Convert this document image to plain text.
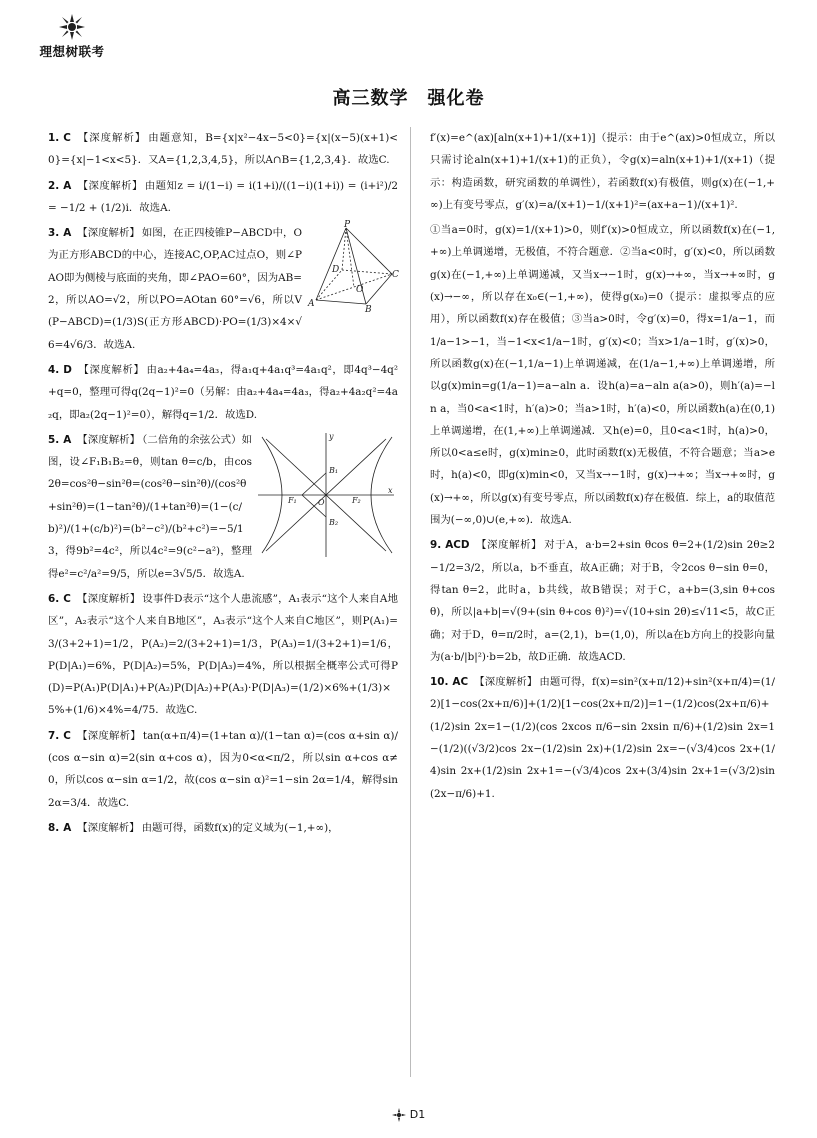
理想树联考
高三数学　强化卷

1. C 【深度解析】 由题意知，B={x|x²−4x−5<0}={x|(x−5)(x+1)<0}={x|−1<x<5}．又A={1,2,3,4,5}，所以A∩B={1,2,3,4}．故选C.

2. A 【深度解析】 由题知z = i/(1−i) = i(1+i)/((1−i)(1+i)) = (i+i²)/2 = −1/2 + (1/2)i．故选A.

P
A
B
C
D
O
3. A 【深度解析】 如图，在正四棱锥P−ABCD中，O为正方形ABCD的中心，连接AC,OP,AC过点O，则∠PAO即为侧棱与底面的夹角，即∠PAO=60°，因为AB=2，所以AO=√2，所以PO=AOtan 60°=√6，所以V(P−ABCD)=(1/3)S(正方形ABCD)·PO=(1/3)×4×√6=4√6/3．故选A.

4. D 【深度解析】 由a₂+4a₄=4a₃，得a₁q+4a₁q³=4a₁q²，即4q³−4q²+q=0，整理可得q(2q−1)²=0（另解：由a₂+4a₄=4a₃，得a₂+4a₂q²=4a₂q，即a₂(2q−1)²=0），解得q=1/2．故选D.

y
x
O
F₁	F₂
B₁
B₂
5. A 【深度解析】 （二倍角的余弦公式）如图，设∠F₁B₁B₂=θ，则tan θ=c/b，由cos 2θ=cos²θ−sin²θ=(cos²θ−sin²θ)/(cos²θ+sin²θ)=(1−tan²θ)/(1+tan²θ)=(1−(c/b)²)/(1+(c/b)²)=(b²−c²)/(b²+c²)=−5/13，得9b²=4c²，所以4c²=9(c²−a²)，整理得e²=c²/a²=9/5，所以e=3√5/5．故选A.

6. C 【深度解析】 设事件D表示“这个人患流感”，A₁表示“这个人来自A地区”，A₂表示“这个人来自B地区”，A₃表示“这个人来自C地区”，则P(A₁)=3/(3+2+1)=1/2，P(A₂)=2/(3+2+1)=1/3，P(A₃)=1/(3+2+1)=1/6，P(D|A₁)=6%，P(D|A₂)=5%，P(D|A₃)=4%，所以根据全概率公式可得P(D)=P(A₁)P(D|A₁)+P(A₂)P(D|A₂)+P(A₃)·P(D|A₃)=(1/2)×6%+(1/3)×5%+(1/6)×4%=4/75．故选C.

7. C 【深度解析】 tan(α+π/4)=(1+tan α)/(1−tan α)=(cos α+sin α)/(cos α−sin α)=2(sin α+cos α)，因为0<α<π/2，所以sin α+cos α≠0，所以cos α−sin α=1/2，故(cos α−sin α)²=1−sin 2α=1/4，解得sin 2α=3/4．故选C.

8. A 【深度解析】 由题可得，函数f(x)的定义域为(−1,+∞)，

f′(x)=e^(ax)[aln(x+1)+1/(x+1)]（提示：由于e^(ax)>0恒成立，所以只需讨论aln(x+1)+1/(x+1)的正负），令g(x)=aln(x+1)+1/(x+1)（提示：构造函数，研究函数的单调性），若函数f(x)有极值，则g(x)在(−1,+∞)上有变号零点，g′(x)=a/(x+1)−1/(x+1)²=(ax+a−1)/(x+1)².

①当a=0时，g(x)=1/(x+1)>0，则f′(x)>0恒成立，所以函数f(x)在(−1,+∞)上单调递增，无极值，不符合题意．②当a<0时，g′(x)<0，所以函数g(x)在(−1,+∞)上单调递减，又当x→−1时，g(x)→+∞，当x→+∞时，g(x)→−∞，所以存在x₀∈(−1,+∞)，使得g(x₀)=0（提示：虚拟零点的应用），所以函数f(x)存在极值；③当a>0时，令g′(x)=0，得x=1/a−1，而1/a−1>−1，当−1<x<1/a−1时，g′(x)<0；当x>1/a−1时，g′(x)>0，所以函数g(x)在(−1,1/a−1)上单调递减，在(1/a−1,+∞)上单调递增，所以g(x)min=g(1/a−1)=a−aln a．设h(a)=a−aln a(a>0)，则h′(a)=−ln a，当0<a<1时，h′(a)>0；当a>1时，h′(a)<0，所以函数h(a)在(0,1)上单调递增，在(1,+∞)上单调递减．又h(e)=0，且0<a<1时，h(a)>0，所以0<a≤e时，g(x)min≥0，此时函数f(x)无极值，不符合题意；当a>e时，h(a)<0，即g(x)min<0，又当x→−1时，g(x)→+∞；当x→+∞时，g(x)→+∞，所以g(x)有变号零点，所以函数f(x)存在极值．综上，a的取值范围为(−∞,0)∪(e,+∞)．故选A.

9. ACD 【深度解析】 对于A，a·b=2+sin θcos θ=2+(1/2)sin 2θ≥2−1/2=3/2，所以a，b不垂直，故A正确；对于B，令2cos θ−sin θ=0，得tan θ=2，此时a，b共线，故B错误；对于C，a+b=(3,sin θ+cos θ)，所以|a+b|=√(9+(sin θ+cos θ)²)=√(10+sin 2θ)≤√11<5，故C正确；对于D，θ=π/2时，a=(2,1)，b=(1,0)，所以a在b方向上的投影向量为(a·b/|b|²)·b=2b，故D正确．故选ACD.

10. AC 【深度解析】 由题可得，f(x)=sin²(x+π/12)+sin²(x+π/4)=(1/2)[1−cos(2x+π/6)]+(1/2)[1−cos(2x+π/2)]=1−(1/2)cos(2x+π/6)+(1/2)sin 2x=1−(1/2)(cos 2xcos π/6−sin 2xsin π/6)+(1/2)sin 2x=1−(1/2)((√3/2)cos 2x−(1/2)sin 2x)+(1/2)sin 2x=−(√3/4)cos 2x+(1/4)sin 2x+(1/2)sin 2x+1=−(√3/4)cos 2x+(3/4)sin 2x+1=(√3/2)sin(2x−π/6)+1.

D1
